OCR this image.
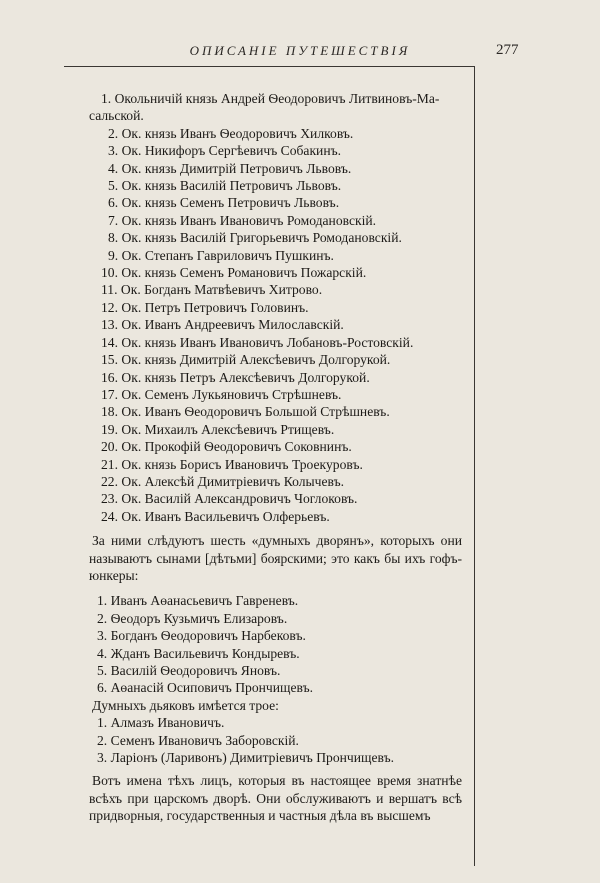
ОПИСАНІЕ ПУТЕШЕСТВІЯ	277
1. Окольничій князь Андрей Ѳеодоровичъ Литвиновъ-Ма-
сальской.
2. Ок. князь Иванъ Ѳеодоровичъ Хилковъ.
3. Ок. Никифоръ Сергѣевичъ Собакинъ.
4. Ок. князь Димитрій Петровичъ Львовъ.
5. Ок. князь Василій Петровичъ Львовъ.
6. Ок. князь Семенъ Петровичъ Львовъ.
7. Ок. князь Иванъ Ивановичъ Ромодановскій.
8. Ок. князь Василій Григорьевичъ Ромодановскій.
9. Ок. Степанъ Гавриловичъ Пушкинъ.
10. Ок. князь Семенъ Романовичъ Пожарскій.
11. Ок. Богданъ Матвѣевичъ Хитрово.
12. Ок. Петръ Петровичъ Головинъ.
13. Ок. Иванъ Андреевичъ Милославскій.
14. Ок. князь Иванъ Ивановичъ Лобановъ-Ростовскій.
15. Ок. князь Димитрій Алексѣевичъ Долгорукой.
16. Ок. князь Петръ Алексѣевичъ Долгорукой.
17. Ок. Семенъ Лукьяновичъ Стрѣшневъ.
18. Ок. Иванъ Ѳеодоровичъ Большой Стрѣшневъ.
19. Ок. Михаилъ Алексѣевичъ Ртищевъ.
20. Ок. Прокофій Ѳеодоровичъ Соковнинъ.
21. Ок. князь Борисъ Ивановичъ Троекуровъ.
22. Ок. Алексѣй Димитріевичъ Колычевъ.
23. Ок. Василій Александровичъ Чоглоковъ.
24. Ок. Иванъ Васильевичъ Олферьевъ.

За ними слѣдуютъ шесть «думныхъ дворянъ», которыхъ они называютъ сынами [дѣтьми] боярскими; это какъ бы ихъ гофъ-юнкеры:

1. Иванъ Аѳанасьевичъ Гавреневъ.
2. Ѳеодоръ Кузьмичъ Елизаровъ.
3. Богданъ Ѳеодоровичъ Нарбековъ.
4. Жданъ Васильевичъ Кондыревъ.
5. Василій Ѳеодоровичъ Яновъ.
6. Аѳанасій Осиповичъ Прончищевъ.

Думныхъ дьяковъ имѣется трое:

1. Алмазъ Ивановичъ.
2. Семенъ Ивановичъ Заборовскій.
3. Ларіонъ (Ларивонъ) Димитріевичъ Прончищевъ.

Вотъ имена тѣхъ лицъ, которыя въ настоящее время знатнѣе всѣхъ при царскомъ дворѣ. Они обслуживаютъ и вершатъ всѣ придворныя, государственныя и частныя дѣла въ высшемъ
